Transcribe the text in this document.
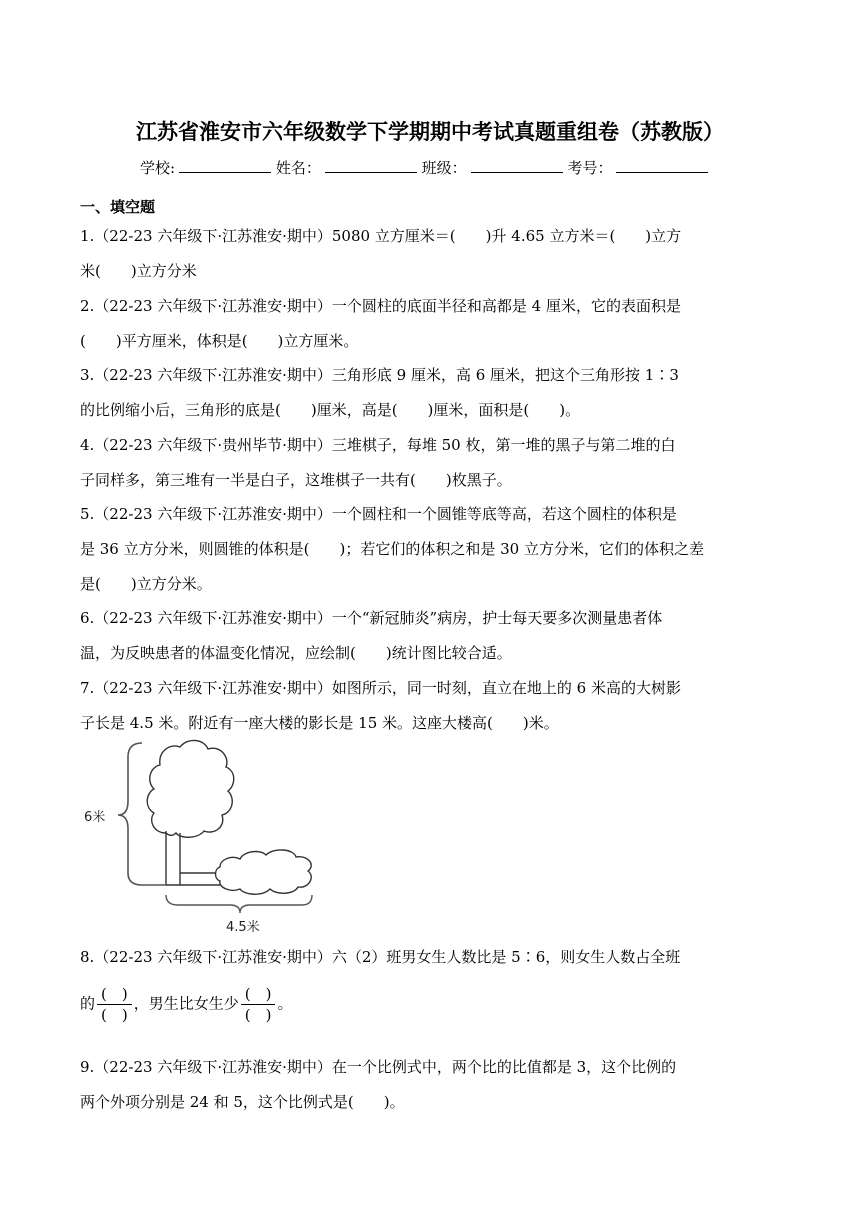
江苏省淮安市六年级数学下学期期中考试真题重组卷（苏教版）
学校:	姓名：	班级：	考号：
一、填空题
1.（22-23 六年级下·江苏淮安·期中）5080 立方厘米＝(　　)升 4.65 立方米＝(　　)立方
米(　　)立方分米
2.（22-23 六年级下·江苏淮安·期中）一个圆柱的底面半径和高都是 4 厘米，它的表面积是
(　　)平方厘米，体积是(　　)立方厘米。
3.（22-23 六年级下·江苏淮安·期中）三角形底 9 厘米，高 6 厘米，把这个三角形按 1∶3
的比例缩小后，三角形的底是(　　)厘米，高是(　　)厘米，面积是(　　)。
4.（22-23 六年级下·贵州毕节·期中）三堆棋子，每堆 50 枚，第一堆的黑子与第二堆的白
子同样多，第三堆有一半是白子，这堆棋子一共有(　　)枚黑子。
5.（22-23 六年级下·江苏淮安·期中）一个圆柱和一个圆锥等底等高，若这个圆柱的体积是
是 36 立方分米，则圆锥的体积是(　　)；若它们的体积之和是 30 立方分米，它们的体积之差
是(　　)立方分米。
6.（22-23 六年级下·江苏淮安·期中）一个“新冠肺炎”病房，护士每天要多次测量患者体
温，为反映患者的体温变化情况，应绘制(　　)统计图比较合适。
7.（22-23 六年级下·江苏淮安·期中）如图所示，同一时刻，直立在地上的 6 米高的大树影
子长是 4.5 米。附近有一座大楼的影长是 15 米。这座大楼高(　　)米。
6米
4.5米
8.（22-23 六年级下·江苏淮安·期中）六（2）班男女生人数比是 5∶6，则女生人数占全班
的 $\frac{( )}{( )}$ ，男生比女生少 $\frac{( )}{( )}$ 。
9.（22-23 六年级下·江苏淮安·期中）在一个比例式中，两个比的比值都是 3，这个比例的
两个外项分别是 24 和 5，这个比例式是(　　)。
